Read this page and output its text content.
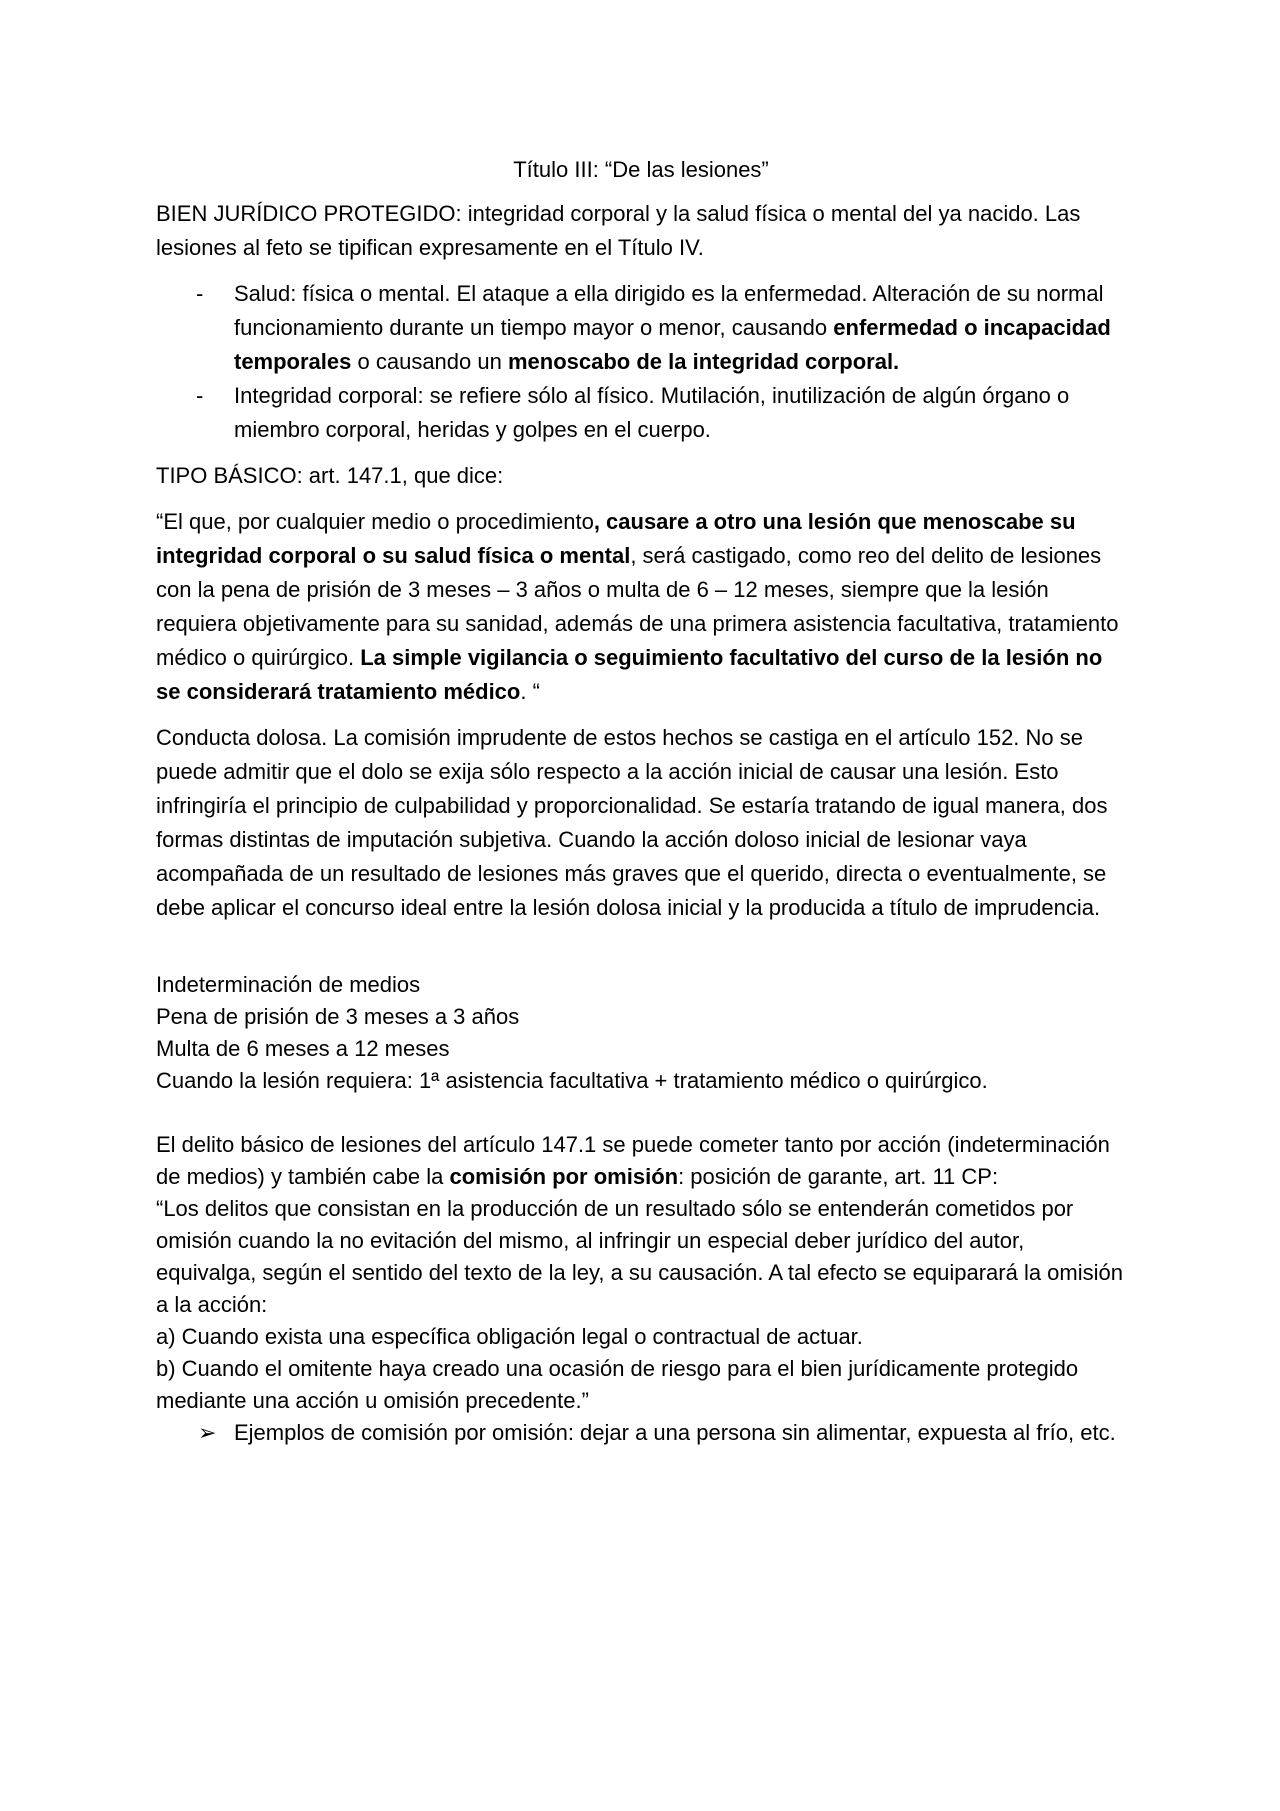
Título III: “De las lesiones”
BIEN JURÍDICO PROTEGIDO: integridad corporal y la salud física o mental del ya nacido. Las lesiones al feto se tipifican expresamente en el Título IV.
- Salud: física o mental. El ataque a ella dirigido es la enfermedad. Alteración de su normal funcionamiento durante un tiempo mayor o menor, causando enfermedad o incapacidad temporales o causando un menoscabo de la integridad corporal.
- Integridad corporal: se refiere sólo al físico. Mutilación, inutilización de algún órgano o miembro corporal, heridas y golpes en el cuerpo.
TIPO BÁSICO: art. 147.1, que dice:
“El que, por cualquier medio o procedimiento, causare a otro una lesión que menoscabe su integridad corporal o su salud física o mental, será castigado, como reo del delito de lesiones con la pena de prisión de 3 meses – 3 años o multa de 6 – 12 meses, siempre que la lesión requiera objetivamente para su sanidad, además de una primera asistencia facultativa, tratamiento médico o quirúrgico. La simple vigilancia o seguimiento facultativo del curso de la lesión no se considerará tratamiento médico. “
Conducta dolosa. La comisión imprudente de estos hechos se castiga en el artículo 152. No se puede admitir que el dolo se exija sólo respecto a la acción inicial de causar una lesión. Esto infringiría el principio de culpabilidad y proporcionalidad. Se estaría tratando de igual manera, dos formas distintas de imputación subjetiva. Cuando la acción doloso inicial de lesionar vaya acompañada de un resultado de lesiones más graves que el querido, directa o eventualmente, se debe aplicar el concurso ideal entre la lesión dolosa inicial y la producida a título de imprudencia.
Indeterminación de medios
Pena de prisión de 3 meses a 3 años
Multa de 6 meses a 12 meses
Cuando la lesión requiera: 1ª asistencia facultativa + tratamiento médico o quirúrgico.
El delito básico de lesiones del artículo 147.1 se puede cometer tanto por acción (indeterminación de medios) y también cabe la comisión por omisión: posición de garante, art. 11 CP:
“Los delitos que consistan en la producción de un resultado sólo se entenderán cometidos por omisión cuando la no evitación del mismo, al infringir un especial deber jurídico del autor, equivalga, según el sentido del texto de la ley, a su causación. A tal efecto se equiparará la omisión a la acción:
a) Cuando exista una específica obligación legal o contractual de actuar.
b) Cuando el omitente haya creado una ocasión de riesgo para el bien jurídicamente protegido mediante una acción u omisión precedente.”
➢ Ejemplos de comisión por omisión: dejar a una persona sin alimentar, expuesta al frío, etc.
